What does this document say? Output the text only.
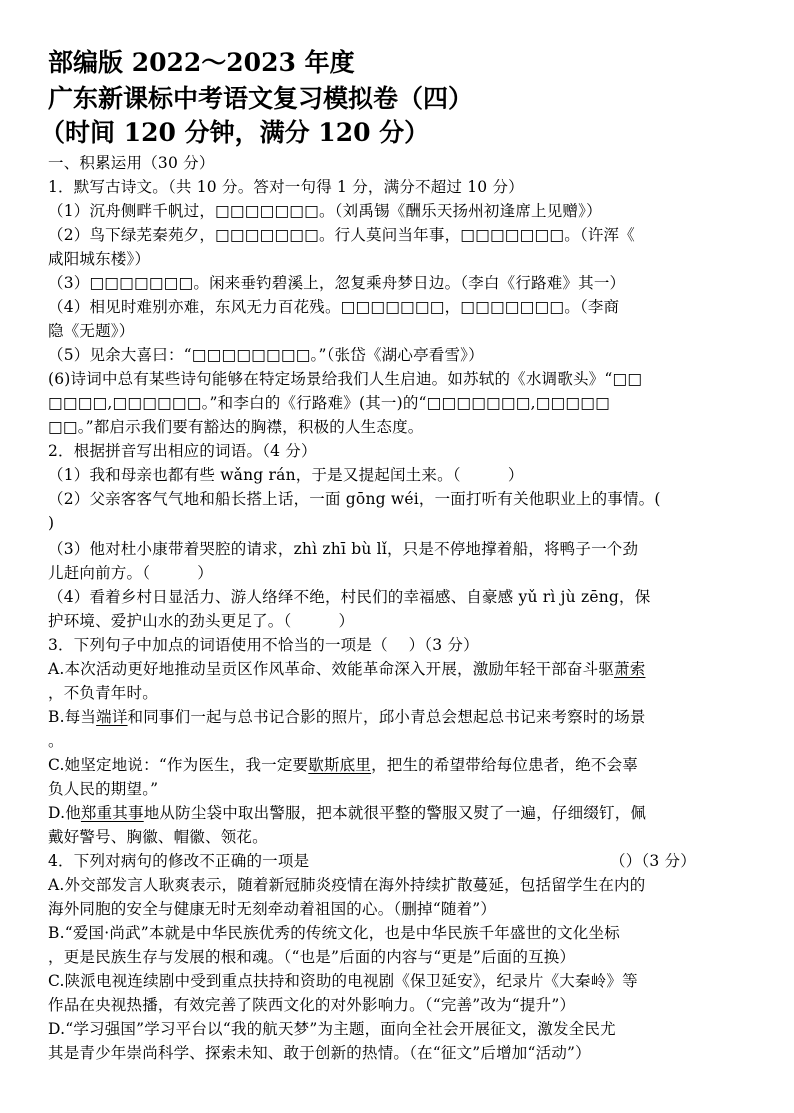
部编版 2022～2023 年度
广东新课标中考语文复习模拟卷（四）
（时间 120 分钟，满分 120 分）
一、积累运用（30 分）
1．默写古诗文。（共 10 分。答对一句得 1 分，满分不超过 10 分）
（1）沉舟侧畔千帆过，□□□□□□□。（刘禹锡《酬乐天扬州初逢席上见赠》）
（2）鸟下绿芜秦苑夕，□□□□□□□。行人莫问当年事，□□□□□□□。（许浑《
咸阳城东楼》）
（3）□□□□□□□。闲来垂钓碧溪上，忽复乘舟梦日边。（李白《行路难》其一）
（4）相见时难别亦难，东风无力百花残。□□□□□□□，□□□□□□□。（李商
隐《无题》）
（5）见余大喜曰：“□□□□□□□□。”（张岱《湖心亭看雪》）
(6)诗词中总有某些诗句能够在特定场景给我们人生启迪。如苏轼的《水调歌头》“□□
□□□□,□□□□□□。”和李白的《行路难》(其一)的“□□□□□□□,□□□□□
□□。”都启示我们要有豁达的胸襟，积极的人生态度。
2．根据拼音写出相应的词语。（4 分）
（1）我和母亲也都有些 wǎng rán，于是又提起闰土来。（　　　）
（2）父亲客客气气地和船长搭上话，一面 gōng wéi，一面打听有关他职业上的事情。(
)
（3）他对杜小康带着哭腔的请求，zhì zhī bù lǐ，只是不停地撑着船，将鸭子一个劲
儿赶向前方。（　　　）
（4）看着乡村日显活力、游人络绎不绝，村民们的幸福感、自豪感 yǔ rì jù zēng，保
护环境、爱护山水的劲头更足了。（　　　）
3．下列句子中加点的词语使用不恰当的一项是（　 ）（3 分）
A.本次活动更好地推动呈贡区作风革命、效能革命深入开展，激励年轻干部奋斗驱萧索
，不负青年时。
B.每当端详和同事们一起与总书记合影的照片，邱小青总会想起总书记来考察时的场景
。
C.她坚定地说：“作为医生，我一定要歇斯底里，把生的希望带给每位患者，绝不会辜
负人民的期望。”
D.他郑重其事地从防尘袋中取出警服，把本就很平整的警服又熨了一遍，仔细缀钉，佩
戴好警号、胸徽、帽徽、领花。
4．下列对病句的修改不正确的一项是	（）（3 分）
A.外交部发言人耿爽表示，随着新冠肺炎疫情在海外持续扩散蔓延，包括留学生在内的
海外同胞的安全与健康无时无刻牵动着祖国的心。（删掉“随着”）
B.“爱国·尚武”本就是中华民族优秀的传统文化，也是中华民族千年盛世的文化坐标
，更是民族生存与发展的根和魂。（“也是”后面的内容与“更是”后面的互换）
C.陕派电视连续剧中受到重点扶持和资助的电视剧《保卫延安》，纪录片《大秦岭》等
作品在央视热播，有效完善了陕西文化的对外影响力。（“完善”改为“提升”）
D.“学习强国”学习平台以“我的航天梦”为主题，面向全社会开展征文，激发全民尤
其是青少年崇尚科学、探索未知、敢于创新的热情。（在“征文”后增加“活动”）
